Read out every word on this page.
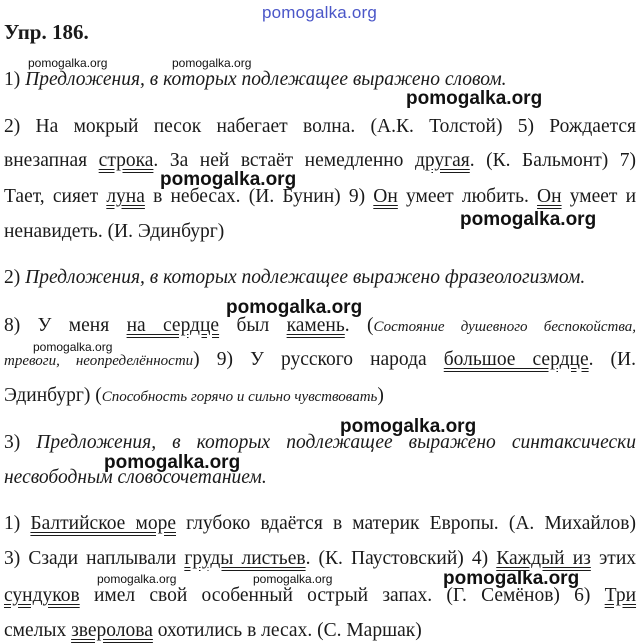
pomogalka.org
pomogalka.org	pomogalka.org
pomogalka.org
pomogalka.org
pomogalka.org
pomogalka.org
pomogalka.org
pomogalka.org
pomogalka.org
pomogalka.org	pomogalka.org	pomogalka.org
Упр. 186.
1) Предложения, в которых подлежащее выражено словом.
2) На мокрый песок набегает волна. (А.К. Толстой) 5) Рождается
внезапная строка. За ней встаёт немедленно другая. (К. Бальмонт) 7)
Тает, сияет луна в небесах. (И. Бунин) 9) Он умеет любить. Он умеет и
ненавидеть. (И. Эдинбург)
2) Предложения, в которых подлежащее выражено фразеологизмом.
8) У меня на сердце был камень. (Состояние душевного беспокойства,
тревоги, неопределённости) 9) У русского народа большое сердце. (И.
Эдинбург) (Способность горячо и сильно чувствовать)
3) Предложения, в которых подлежащее выражено синтаксически
несвободным словосочетанием.
1) Балтийское море глубоко вдаётся в материк Европы. (А. Михайлов)
3) Сзади наплывали груды листьев. (К. Паустовский) 4) Каждый из этих
сундуков имел свой особенный острый запах. (Г. Семёнов) 6) Три
смелых зверолова охотились в лесах. (С. Маршак)
